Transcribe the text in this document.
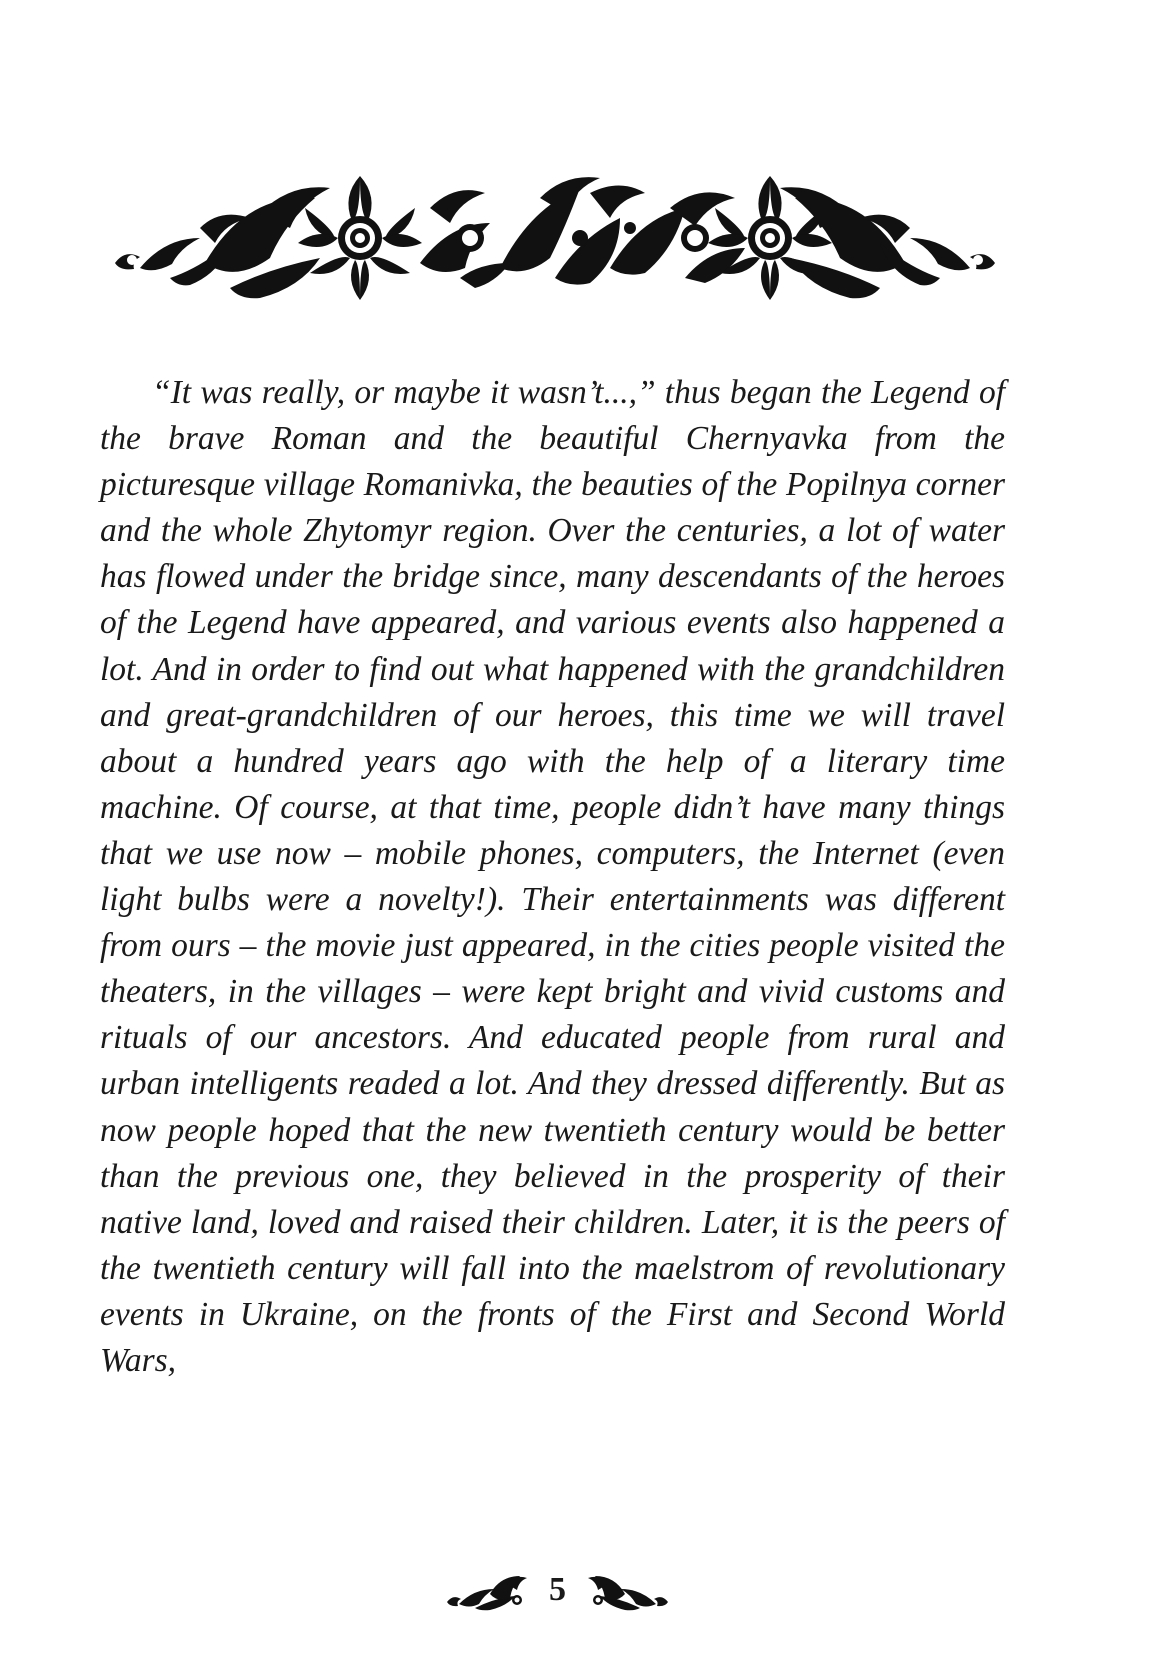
“It was really, or maybe it wasn’t...,” thus began the Legend of the brave Roman and the beautiful Chernyavka from the picturesque village Romanivka, the beauties of the Popilnya corner and the whole Zhytomyr region. Over the centuries, a lot of water has flowed under the bridge since, many descendants of the heroes of the Legend have appeared, and various events also happened a lot. And in order to find out what happened with the grandchildren and great-grandchildren of our heroes, this time we will travel about a hundred years ago with the help of a literary time machine. Of course, at that time, people didn’t have many things that we use now – mobile phones, computers, the Internet (even light bulbs were a novelty!). Their entertainments was different from ours – the movie just appeared, in the cities people visited the theaters, in the villages – were kept bright and vivid customs and rituals of our ancestors. And educated people from rural and urban intelligents readed a lot. And they dressed differently. But as now people hoped that the new twentieth century would be better than the previous one, they believed in the prosperity of their native land, loved and raised their children. Later, it is the peers of the twentieth century will fall into the maelstrom of revolutionary events in Ukraine, on the fronts of the First and Second World Wars,

5
